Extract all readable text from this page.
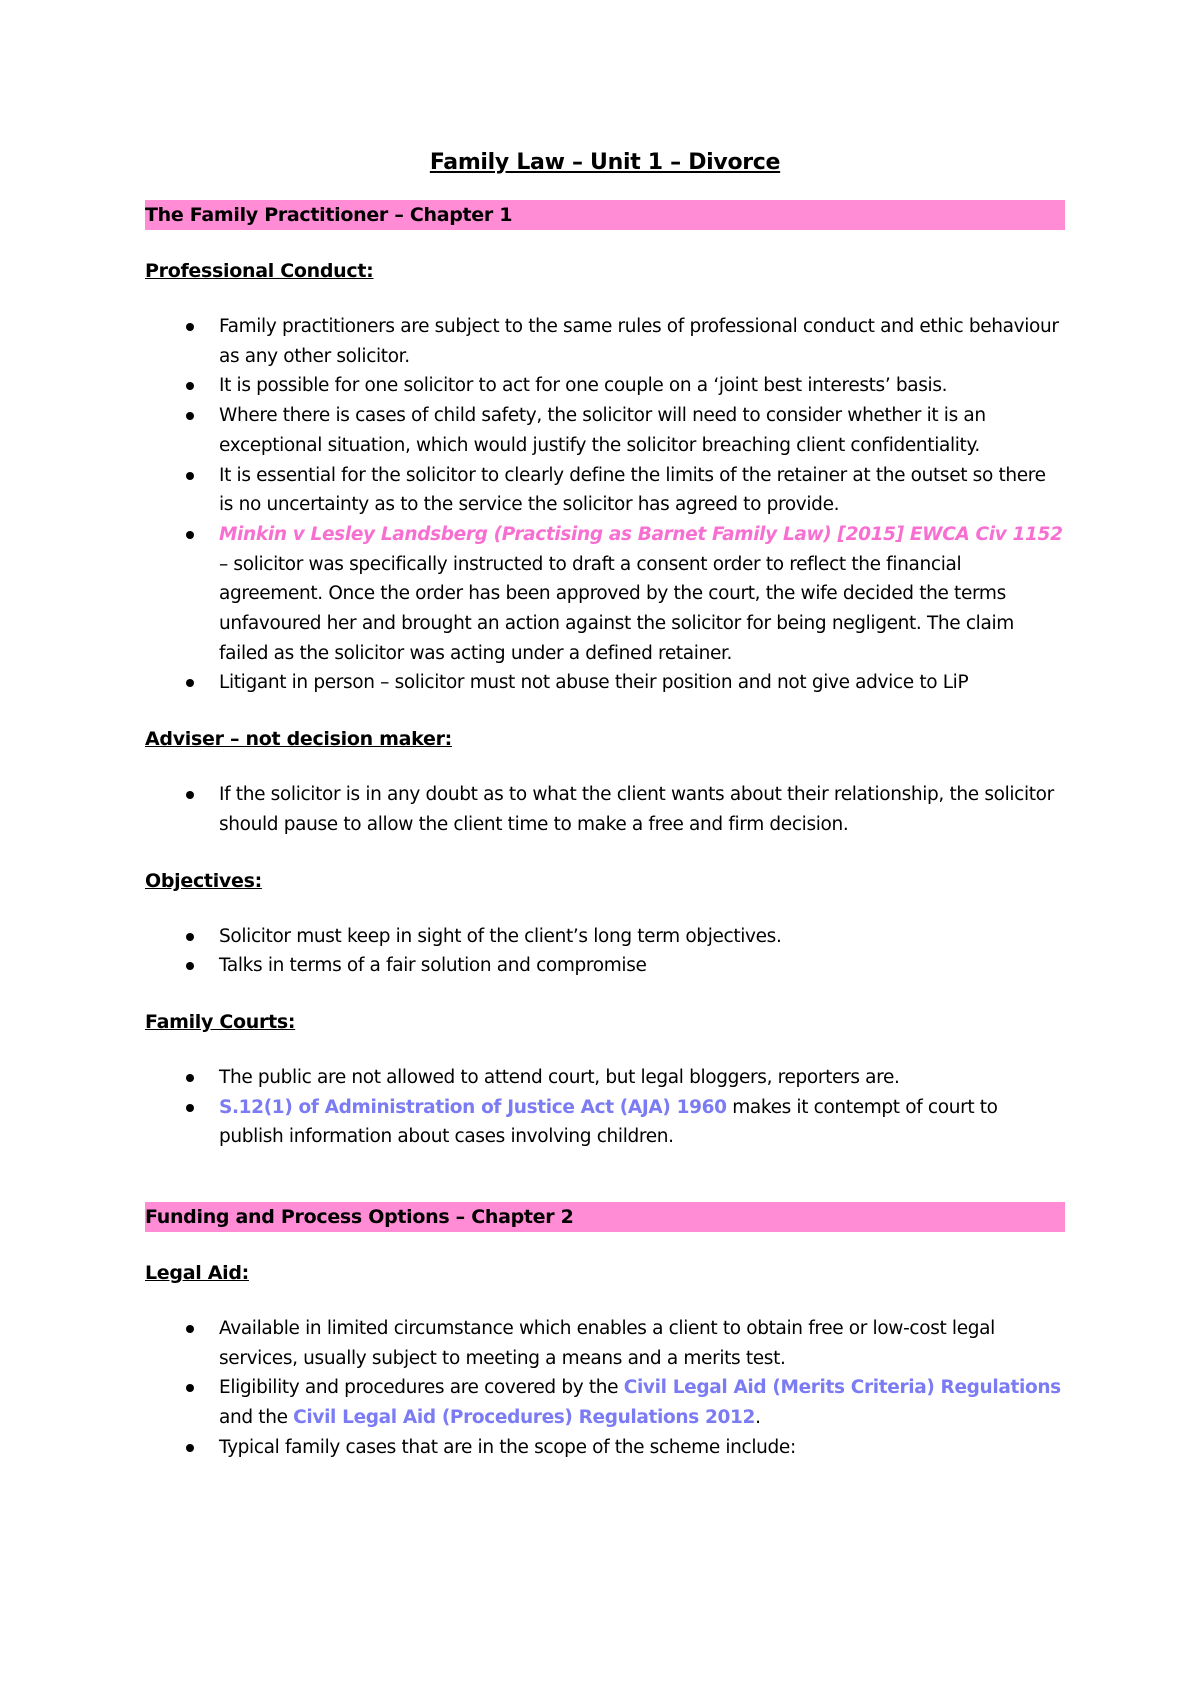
Family Law – Unit 1 – Divorce
The Family Practitioner – Chapter 1
Professional Conduct:
Family practitioners are subject to the same rules of professional conduct and ethic behaviour as any other solicitor.
It is possible for one solicitor to act for one couple on a ‘joint best interests’ basis.
Where there is cases of child safety, the solicitor will need to consider whether it is an exceptional situation, which would justify the solicitor breaching client confidentiality.
It is essential for the solicitor to clearly define the limits of the retainer at the outset so there is no uncertainty as to the service the solicitor has agreed to provide.
Minkin v Lesley Landsberg (Practising as Barnet Family Law) [2015] EWCA Civ 1152 – solicitor was specifically instructed to draft a consent order to reflect the financial agreement. Once the order has been approved by the court, the wife decided the terms unfavoured her and brought an action against the solicitor for being negligent. The claim failed as the solicitor was acting under a defined retainer.
Litigant in person – solicitor must not abuse their position and not give advice to LiP
Adviser – not decision maker:
If the solicitor is in any doubt as to what the client wants about their relationship, the solicitor should pause to allow the client time to make a free and firm decision.
Objectives:
Solicitor must keep in sight of the client’s long term objectives.
Talks in terms of a fair solution and compromise
Family Courts:
The public are not allowed to attend court, but legal bloggers, reporters are.
S.12(1) of Administration of Justice Act (AJA) 1960 makes it contempt of court to publish information about cases involving children.
Funding and Process Options – Chapter 2
Legal Aid:
Available in limited circumstance which enables a client to obtain free or low-cost legal services, usually subject to meeting a means and a merits test.
Eligibility and procedures are covered by the Civil Legal Aid (Merits Criteria) Regulations and the Civil Legal Aid (Procedures) Regulations 2012.
Typical family cases that are in the scope of the scheme include:
